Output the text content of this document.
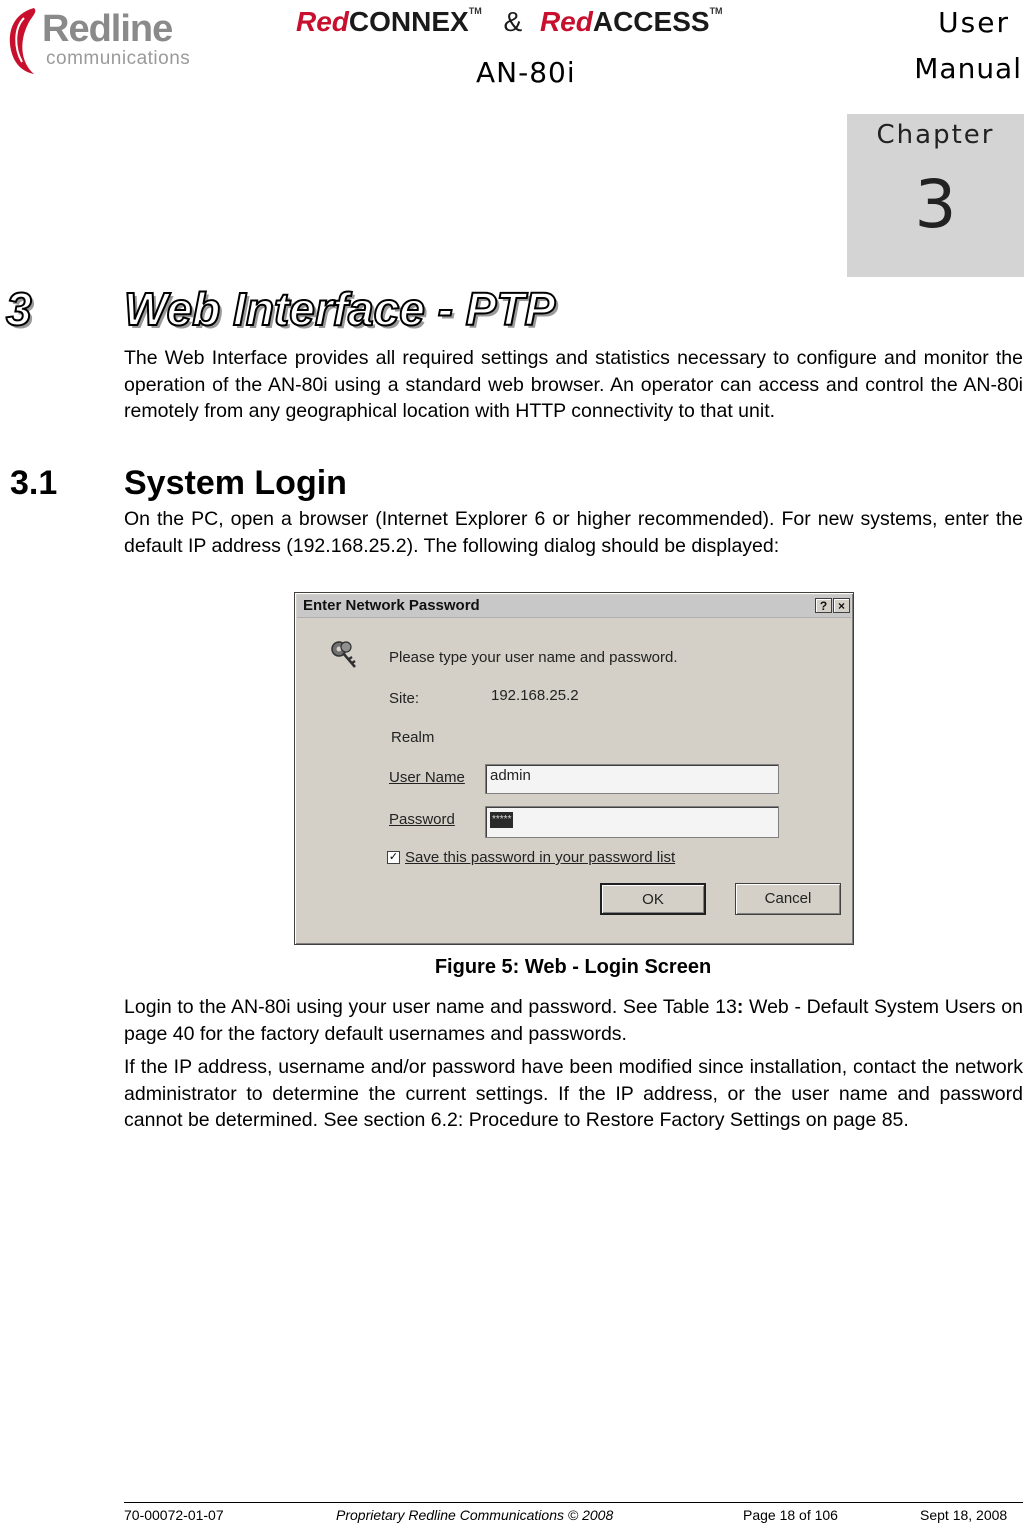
Redline
communications
RedCONNEX™ & RedACCESS™
AN-80i
User
Manual
Chapter
3
3 Web Interface - PTP
The Web Interface provides all required settings and statistics necessary to configure and monitor the operation of the AN-80i using a standard web browser. An operator can access and control the AN-80i remotely from any geographical location with HTTP connectivity to that unit.
3.1 System Login
On the PC, open a browser (Internet Explorer 6 or higher recommended). For new systems, enter the default IP address (192.168.25.2). The following dialog should be displayed:
Enter Network Password	? ×
Please type your user name and password.
Site:	192.168.25.2
Realm
User Name	admin
Password	*****
✓ Save this password in your password list
OK	Cancel
Figure 5: Web - Login Screen
Login to the AN-80i using your user name and password. See Table 13: Web - Default System Users on page 40 for the factory default usernames and passwords.
If the IP address, username and/or password have been modified since installation, contact the network administrator to determine the current settings. If the IP address, or the user name and password cannot be determined. See section 6.2: Procedure to Restore Factory Settings on page 85.
70-00072-01-07	Proprietary Redline Communications © 2008	Page 18 of 106	Sept 18, 2008
